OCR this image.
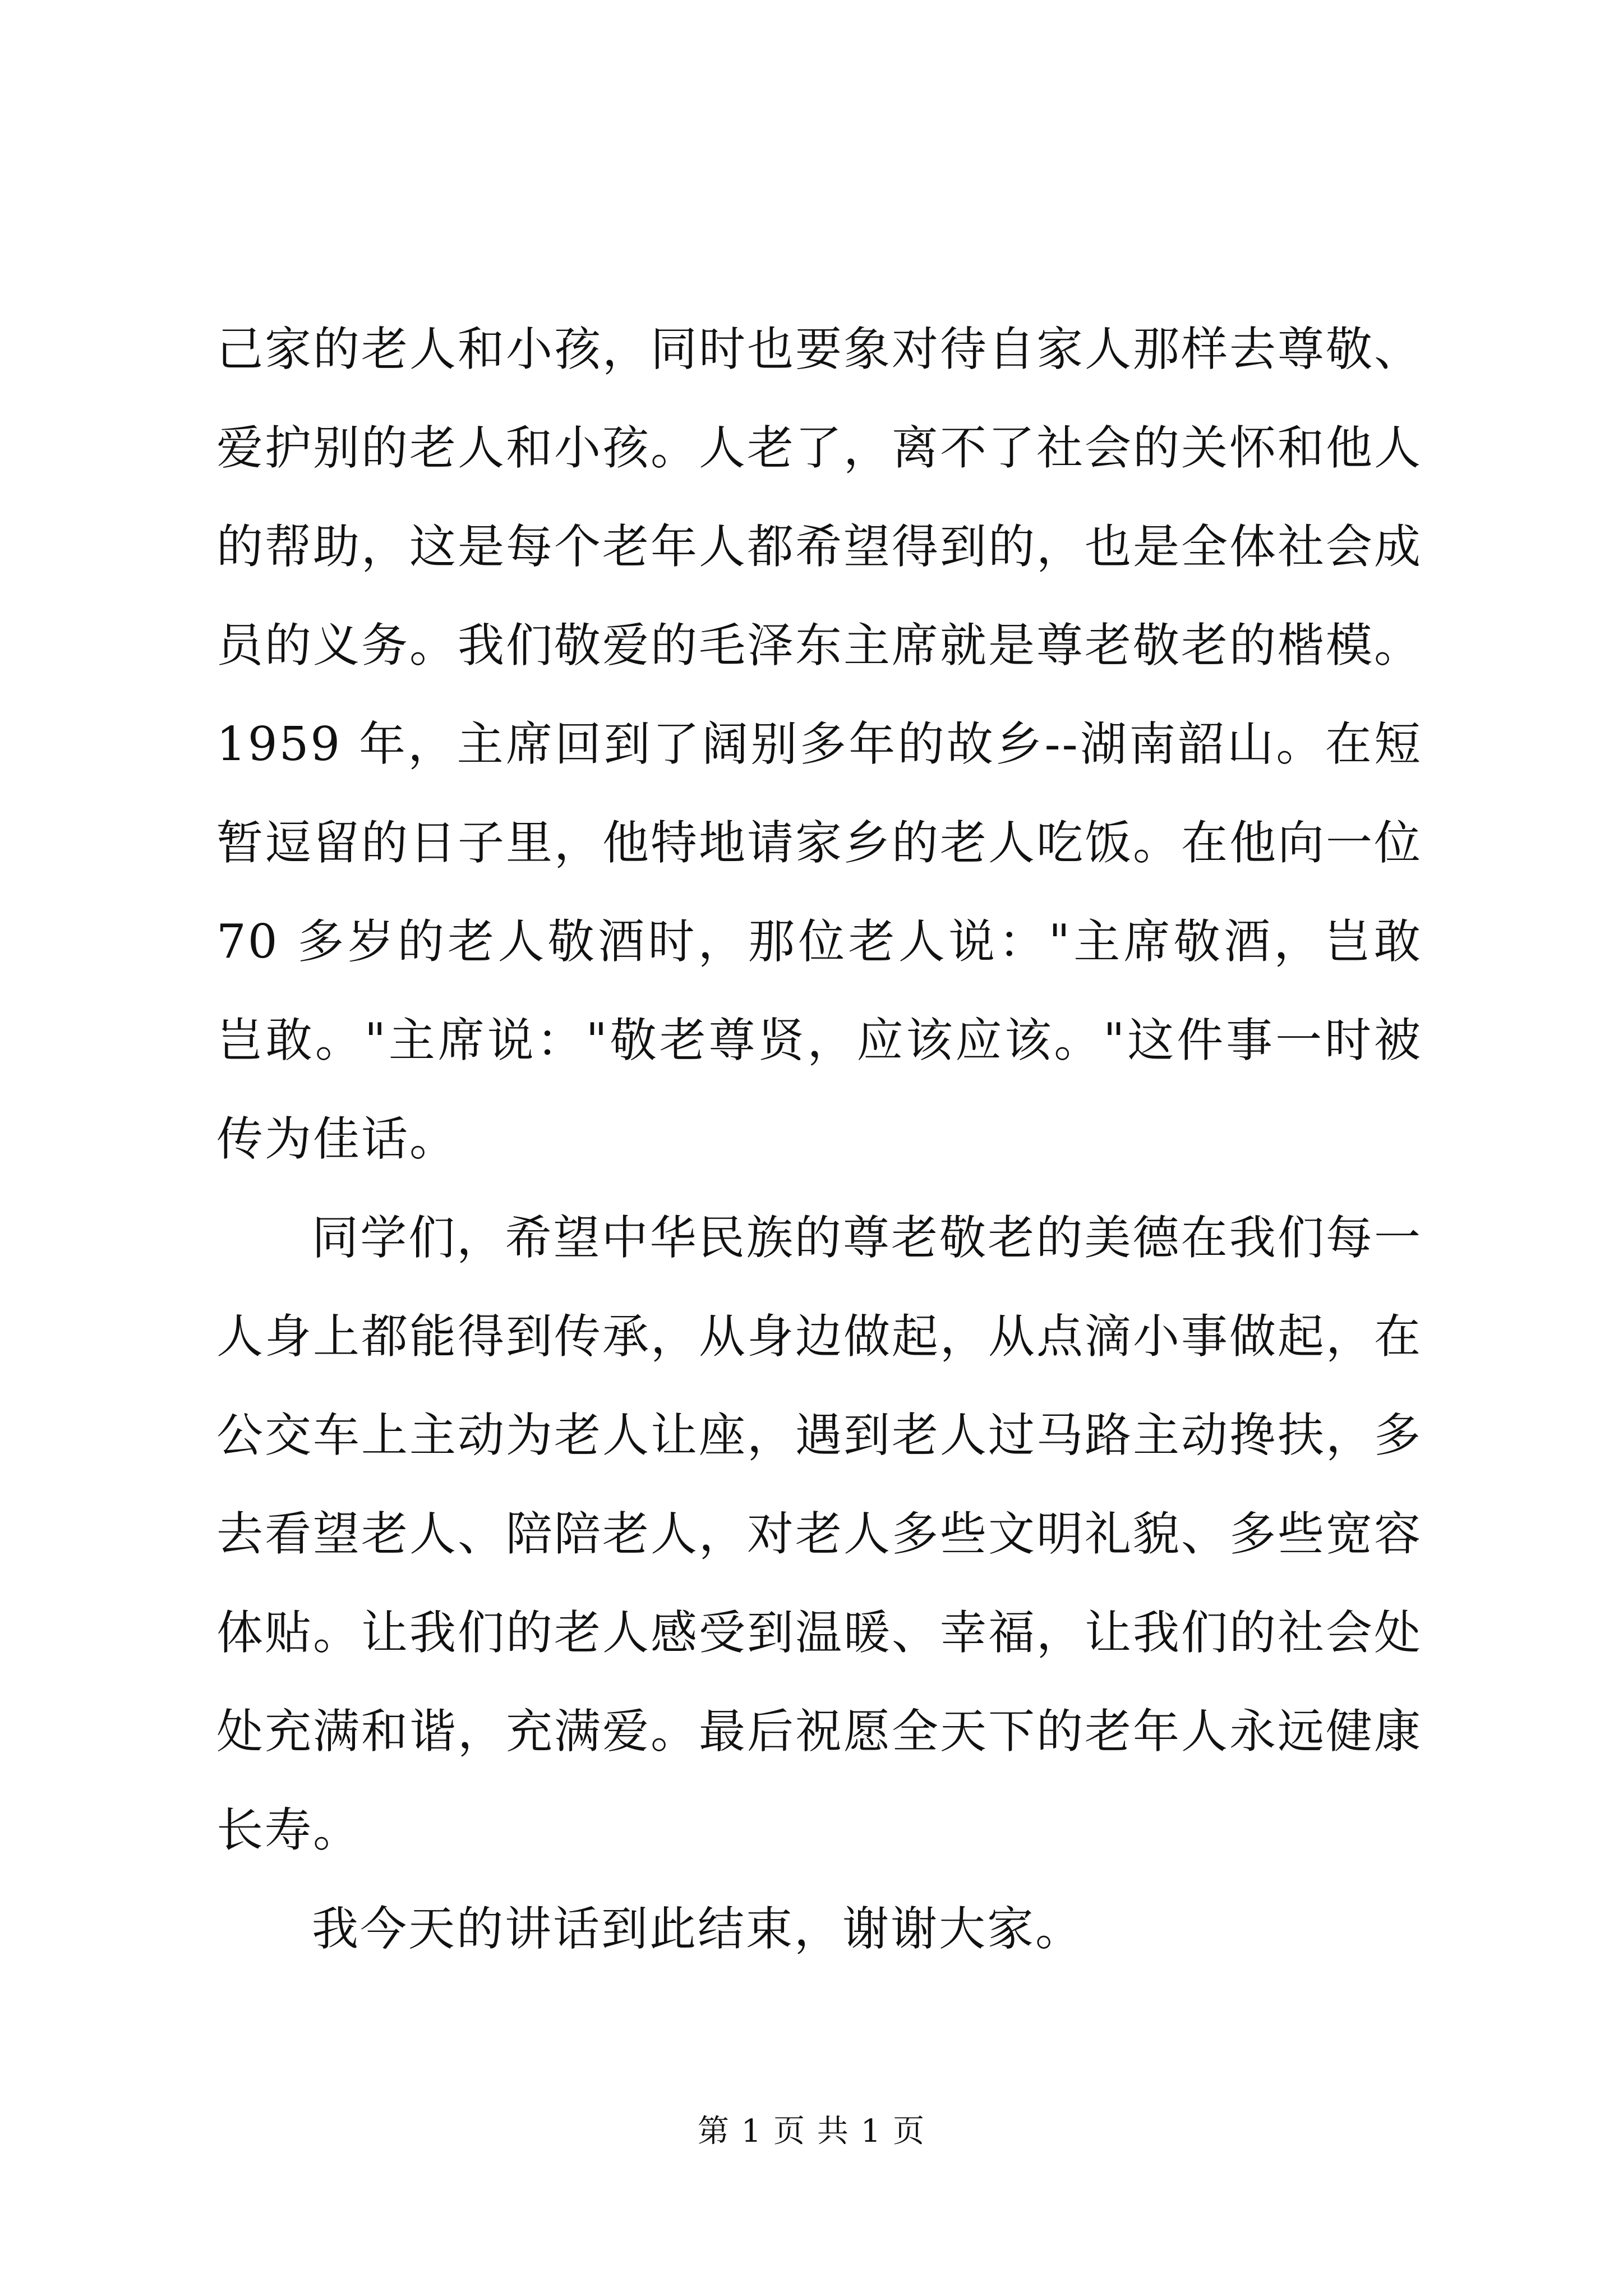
己家的老人和小孩，同时也要象对待自家人那样去尊敬、爱护别的老人和小孩。人老了，离不了社会的关怀和他人的帮助，这是每个老年人都希望得到的，也是全体社会成员的义务。我们敬爱的毛泽东主席就是尊老敬老的楷模。1959 年，主席回到了阔别多年的故乡--湖南韶山。在短暂逗留的日子里，他特地请家乡的老人吃饭。在他向一位 70 多岁的老人敬酒时，那位老人说："主席敬酒，岂敢岂敢。"主席说："敬老尊贤，应该应该。"这件事一时被传为佳话。

同学们，希望中华民族的尊老敬老的美德在我们每一人身上都能得到传承，从身边做起，从点滴小事做起，在公交车上主动为老人让座，遇到老人过马路主动搀扶，多去看望老人、陪陪老人，对老人多些文明礼貌、多些宽容体贴。让我们的老人感受到温暖、幸福，让我们的社会处处充满和谐，充满爱。最后祝愿全天下的老年人永远健康长寿。

我今天的讲话到此结束，谢谢大家。

第 1 页 共 1 页
